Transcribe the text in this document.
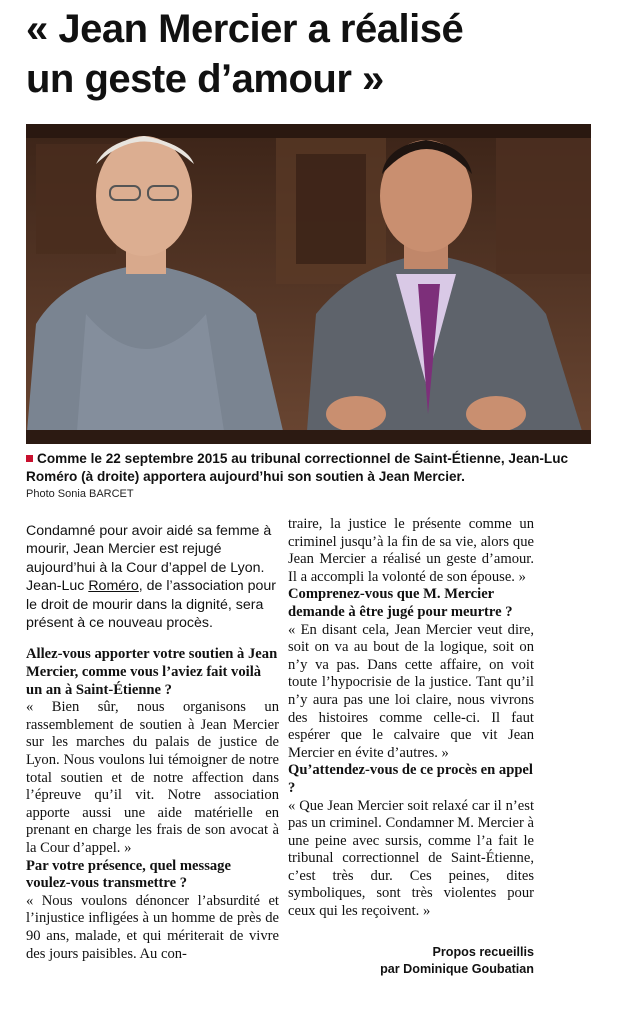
« Jean Mercier a réalisé
un geste d’amour »

Comme le 22 septembre 2015 au tribunal correctionnel de Saint-Étienne, Jean-Luc Roméro (à droite) apportera aujourd’hui son soutien à Jean Mercier.

Photo Sonia BARCET

Condamné pour avoir aidé sa femme à mourir, Jean Mercier est rejugé aujourd’hui à la Cour d’appel de Lyon. Jean-Luc Roméro, de l’association pour le droit de mourir dans la dignité, sera présent à ce nouveau procès.

Allez-vous apporter votre soutien à Jean Mercier, comme vous l’aviez fait voilà un an à Saint-Étienne ?

« Bien sûr, nous organisons un rassemblement de soutien à Jean Mercier sur les marches du palais de justice de Lyon. Nous voulons lui témoigner de notre total soutien et de notre affection dans l’épreuve qu’il vit. Notre association apporte aussi une aide matérielle en prenant en charge les frais de son avocat à la Cour d’appel. »

Par votre présence, quel message voulez-vous transmettre ?

« Nous voulons dénoncer l’absurdité et l’injustice infligées à un homme de près de 90 ans, malade, et qui mériterait de vivre des jours paisibles. Au con-

traire, la justice le présente comme un criminel jusqu’à la fin de sa vie, alors que Jean Mercier a réalisé un geste d’amour. Il a accompli la volonté de son épouse. »

Comprenez-vous que M. Mercier demande à être jugé pour meurtre ?

« En disant cela, Jean Mercier veut dire, soit on va au bout de la logique, soit on n’y va pas. Dans cette affaire, on voit toute l’hypocrisie de la justice. Tant qu’il n’y aura pas une loi claire, nous vivrons des histoires comme celle-ci. Il faut espérer que le calvaire que vit Jean Mercier en évite d’autres. »

Qu’attendez-vous de ce procès en appel ?

« Que Jean Mercier soit relaxé car il n’est pas un criminel. Condamner M. Mercier à une peine avec sursis, comme l’a fait le tribunal correctionnel de Saint-Étienne, c’est très dur. Ces peines, dites symboliques, sont très violentes pour ceux qui les reçoivent. »

Propos recueillis
par Dominique Goubatian
